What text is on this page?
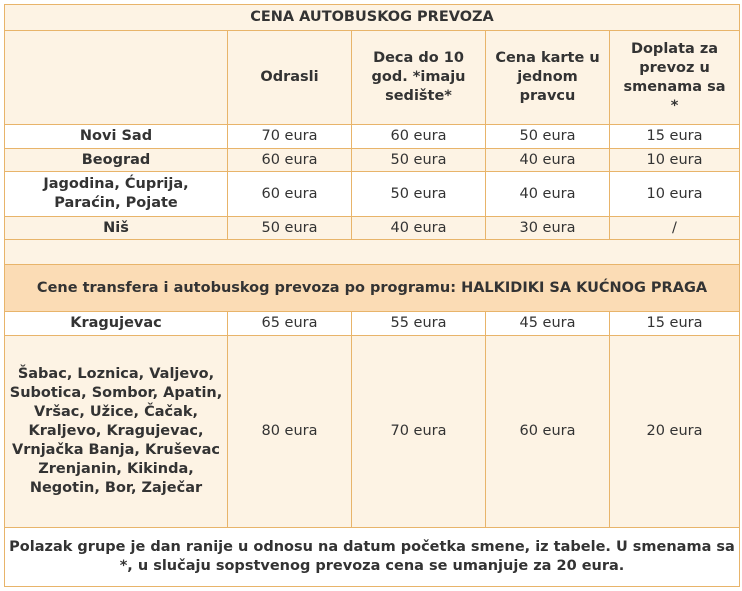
CENA AUTOBUSKOG PREVOZA				
	Odrasli	Deca do 10 god. *imaju sedište*	Cena karte u jednom pravcu	Doplata za prevoz u smenama sa *
Novi Sad	70 eura	60 eura	50 eura	15 eura
Beograd	60 eura	50 eura	40 eura	10 eura
Jagodina, Ćuprija, Paraćin, Pojate	60 eura	50 eura	40 eura	10 eura
Niš	50 eura	40 eura	30 eura	/

Cene transfera i autobuskog prevoza po programu: HALKIDIKI SA KUĆNOG PRAGA				
Kragujevac	65 eura	55 eura	45 eura	15 eura
Šabac, Loznica, Valjevo, Subotica, Sombor, Apatin, Vršac, Užice, Čačak, Kraljevo, Kragujevac, Vrnjačka Banja, Kruševac Zrenjanin, Kikinda, Negotin, Bor, Zaječar	80 eura	70 eura	60 eura	20 eura
Polazak grupe je dan ranije u odnosu na datum početka smene, iz tabele. U smenama sa *, u slučaju sopstvenog prevoza cena se umanjuje za 20 eura.				
